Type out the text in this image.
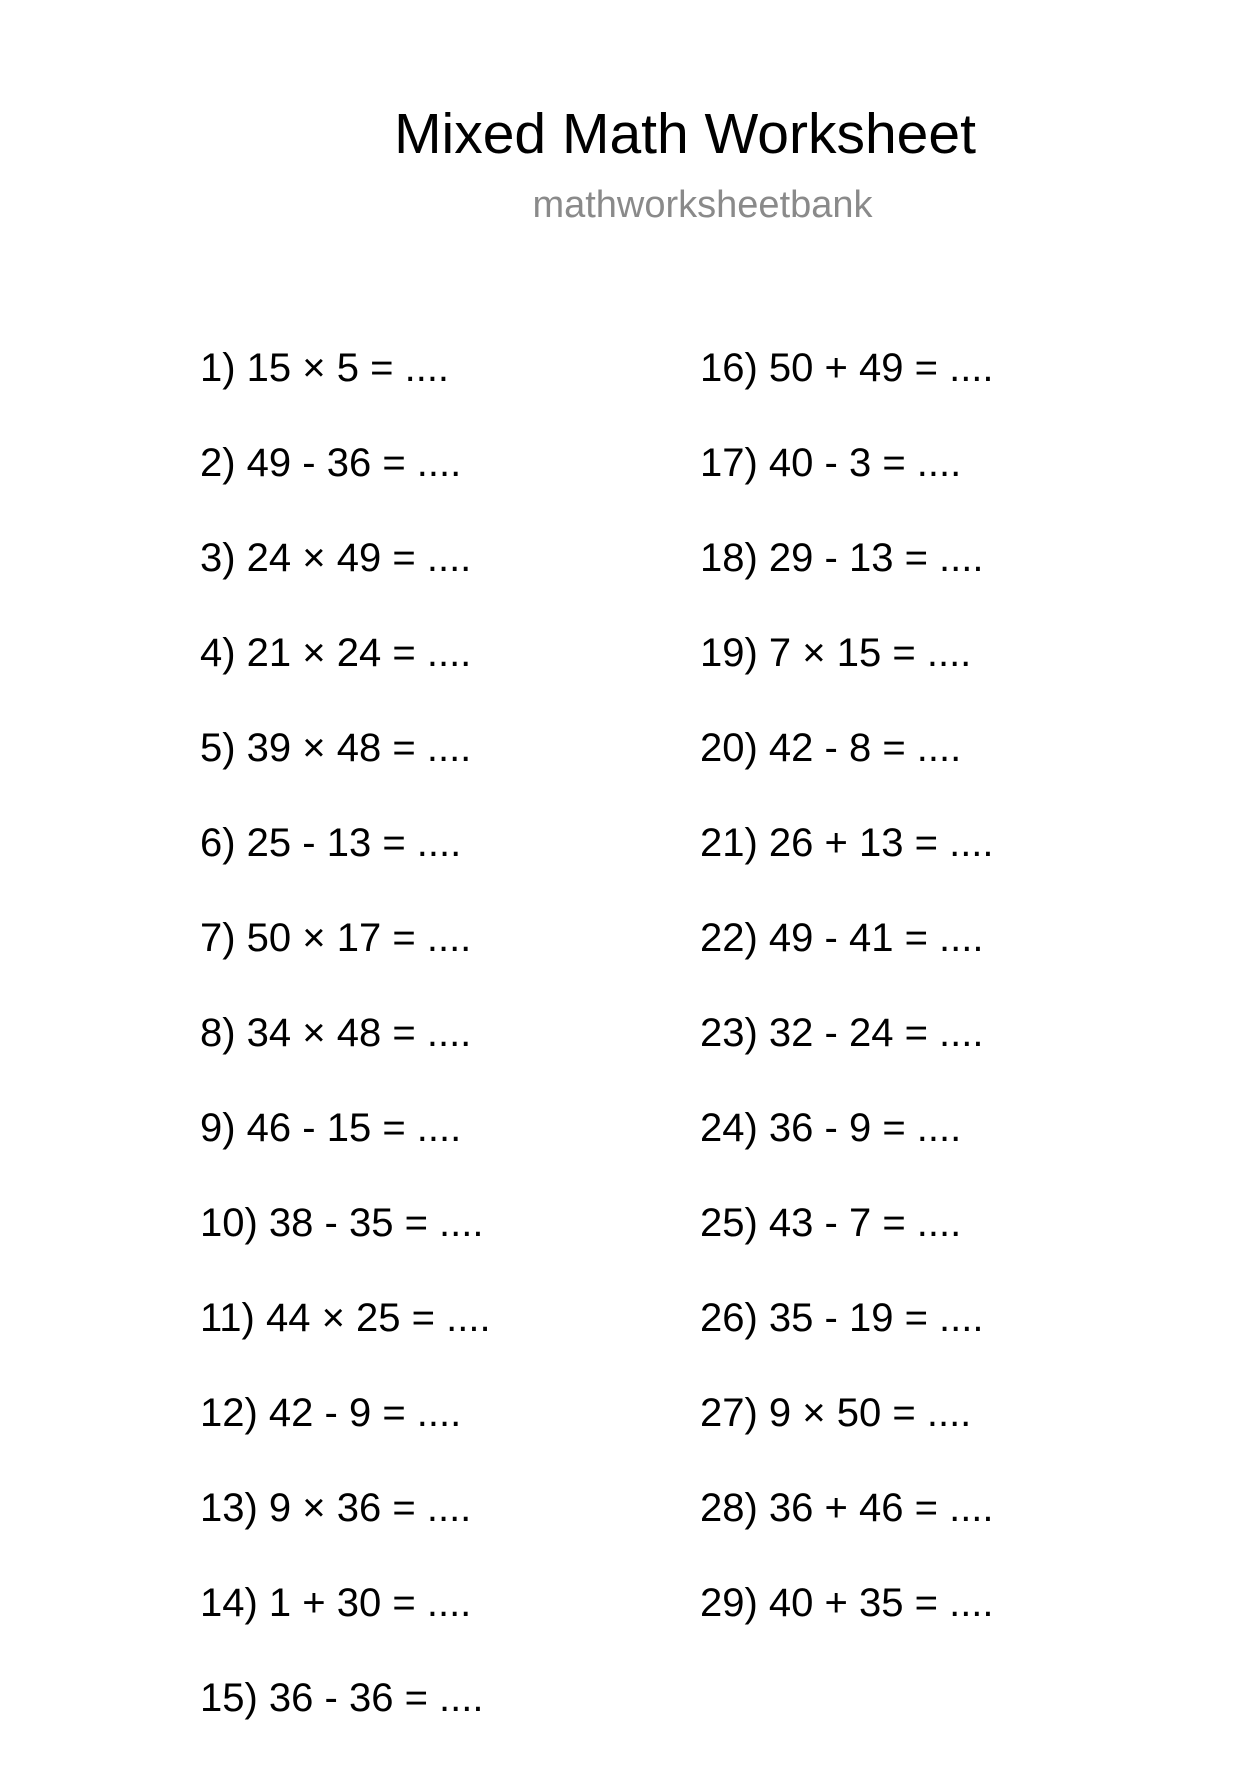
Mixed Math Worksheet
mathworksheetbank
1) 15 × 5 = ....
2) 49 - 36 = ....
3) 24 × 49 = ....
4) 21 × 24 = ....
5) 39 × 48 = ....
6) 25 - 13 = ....
7) 50 × 17 = ....
8) 34 × 48 = ....
9) 46 - 15 = ....
10) 38 - 35 = ....
11) 44 × 25 = ....
12) 42 - 9 = ....
13) 9 × 36 = ....
14) 1 + 30 = ....
15) 36 - 36 = ....
16) 50 + 49 = ....
17) 40 - 3 = ....
18) 29 - 13 = ....
19) 7 × 15 = ....
20) 42 - 8 = ....
21) 26 + 13 = ....
22) 49 - 41 = ....
23) 32 - 24 = ....
24) 36 - 9 = ....
25) 43 - 7 = ....
26) 35 - 19 = ....
27) 9 × 50 = ....
28) 36 + 46 = ....
29) 40 + 35 = ....
